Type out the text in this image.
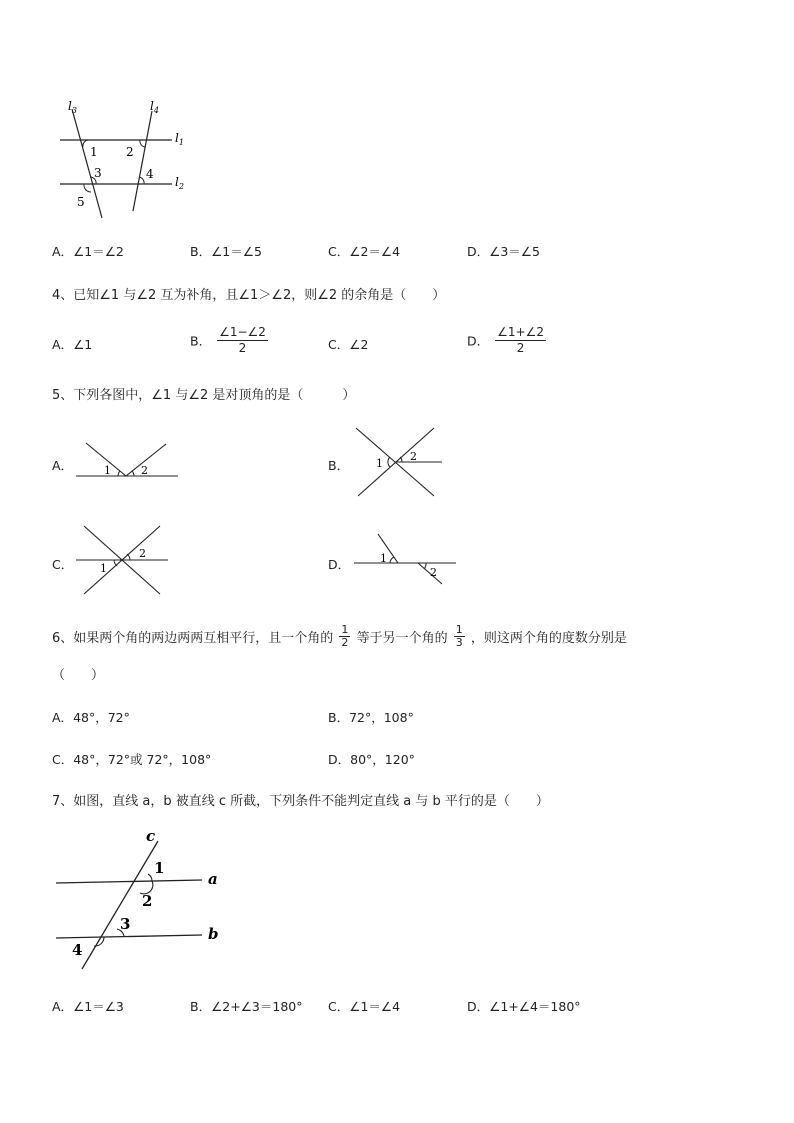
$l_3$	$l_4$
$l_1$
$l_2$
1 2
3	4
5
A．∠1＝∠2	B．∠1＝∠5	C．∠2＝∠4	D．∠3＝∠5
4、已知∠1 与∠2 互为补角，且∠1＞∠2，则∠2 的余角是（　　）
A．∠1	B． $\frac{\angle 1-\angle 2}{2}$	C．∠2	D． $\frac{\angle 1+\angle 2}{2}$
5、下列各图中，∠1 与∠2 是对顶角的是（　　　）
A．	1	2	B． 1
2
C． 1
2
D．	1
2
6、如果两个角的两边两两互相平行，且一个角的 $\frac{1}{2}$ 等于另一个角的 $\frac{1}{3}$ ，则这两个角的度数分别是
（　　）
A．48°，72°	B．72°，108°
C．48°，72°或 72°，108°	D．80°，120°
7、如图，直线 a，b 被直线 c 所截，下列条件不能判定直线 a 与 b 平行的是（　　）
c
a
b
1
2
3
4
A．∠1＝∠3	B．∠2+∠3＝180° C．∠1＝∠4	D．∠1+∠4＝180°
